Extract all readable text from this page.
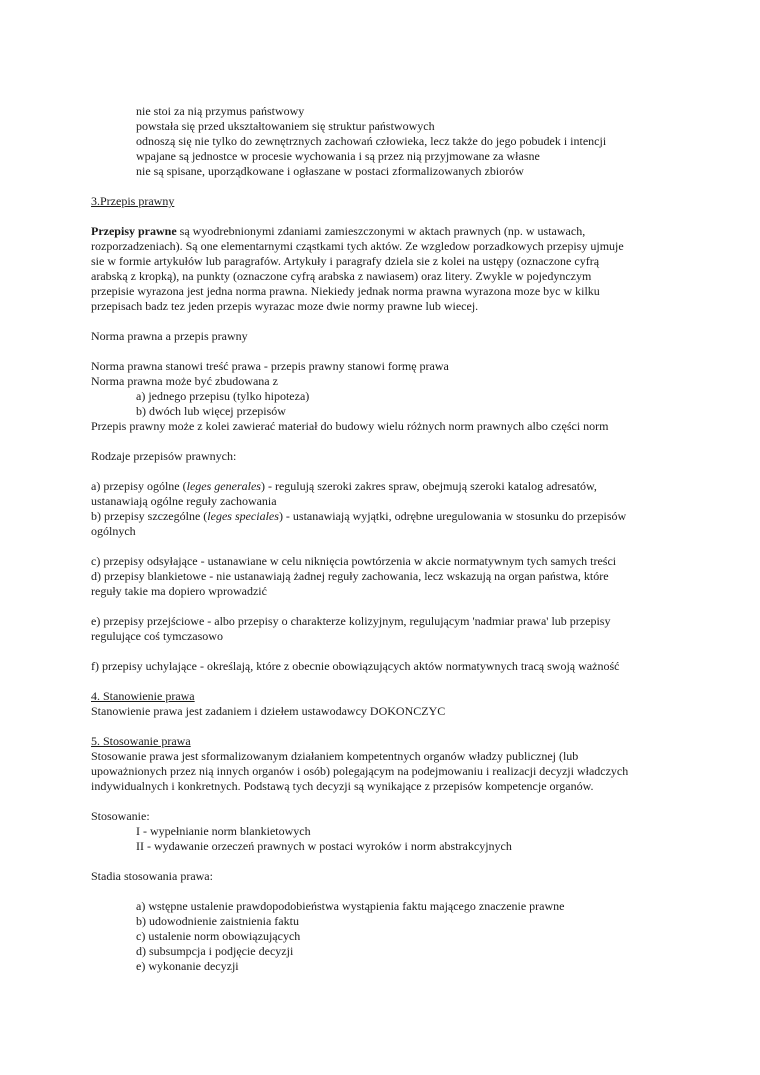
nie stoi za nią przymus państwowy

powstała się przed ukształtowaniem się struktur państwowych

odnoszą się nie tylko do zewnętrznych zachowań człowieka, lecz także do jego pobudek i intencji

wpajane są jednostce w procesie wychowania i są przez nią przyjmowane za własne

nie są spisane, uporządkowane i ogłaszane w postaci zformalizowanych zbiorów

3.Przepis prawny

Przepisy prawne są wyodrebnionymi zdaniami zamieszczonymi w aktach prawnych (np. w ustawach,

rozporzadzeniach). Są one elementarnymi cząstkami tych aktów. Ze wzgledow porzadkowych przepisy ujmuje

sie w formie artykułów lub paragrafów. Artykuły i paragrafy dziela sie z kolei na ustępy (oznaczone cyfrą

arabską z kropką), na punkty (oznaczone cyfrą arabska z nawiasem) oraz litery. Zwykle w pojedynczym

przepisie wyrazona jest jedna norma prawna. Niekiedy jednak norma prawna wyrazona moze byc w kilku

przepisach badz tez jeden przepis wyrazac moze dwie normy prawne lub wiecej.

Norma prawna a przepis prawny

Norma prawna stanowi treść prawa - przepis prawny stanowi formę prawa

Norma prawna może być zbudowana z

a) jednego przepisu (tylko hipoteza)

b) dwóch lub więcej przepisów

Przepis prawny może z kolei zawierać materiał do budowy wielu różnych norm prawnych albo części norm

Rodzaje przepisów prawnych:

a) przepisy ogólne (leges generales) - regulują szeroki zakres spraw, obejmują szeroki katalog adresatów,

ustanawiają ogólne reguły zachowania

b) przepisy szczególne (leges speciales) - ustanawiają wyjątki, odrębne uregulowania w stosunku do przepisów

ogólnych

c) przepisy odsyłające - ustanawiane w celu niknięcia powtórzenia w akcie normatywnym tych samych treści

d) przepisy blankietowe - nie ustanawiają żadnej reguły zachowania, lecz wskazują na organ państwa, które

reguły takie ma dopiero wprowadzić

e) przepisy przejściowe - albo przepisy o charakterze kolizyjnym, regulującym 'nadmiar prawa' lub przepisy

regulujące coś tymczasowo

f) przepisy uchylające - określają, które z obecnie obowiązujących aktów normatywnych tracą swoją ważność

4. Stanowienie prawa

Stanowienie prawa jest zadaniem i dziełem ustawodawcy DOKONCZYC

5. Stosowanie prawa

Stosowanie prawa jest sformalizowanym działaniem kompetentnych organów władzy publicznej (lub

upoważnionych przez nią innych organów i osób) polegającym na podejmowaniu i realizacji decyzji władczych

indywidualnych i konkretnych. Podstawą tych decyzji są wynikające z przepisów kompetencje organów.

Stosowanie:

I - wypełnianie norm blankietowych

II - wydawanie orzeczeń prawnych w postaci wyroków i norm abstrakcyjnych

Stadia stosowania prawa:

a) wstępne ustalenie prawdopodobieństwa wystąpienia faktu mającego znaczenie prawne

b) udowodnienie zaistnienia faktu

c) ustalenie norm obowiązujących

d) subsumpcja i podjęcie decyzji

e) wykonanie decyzji
